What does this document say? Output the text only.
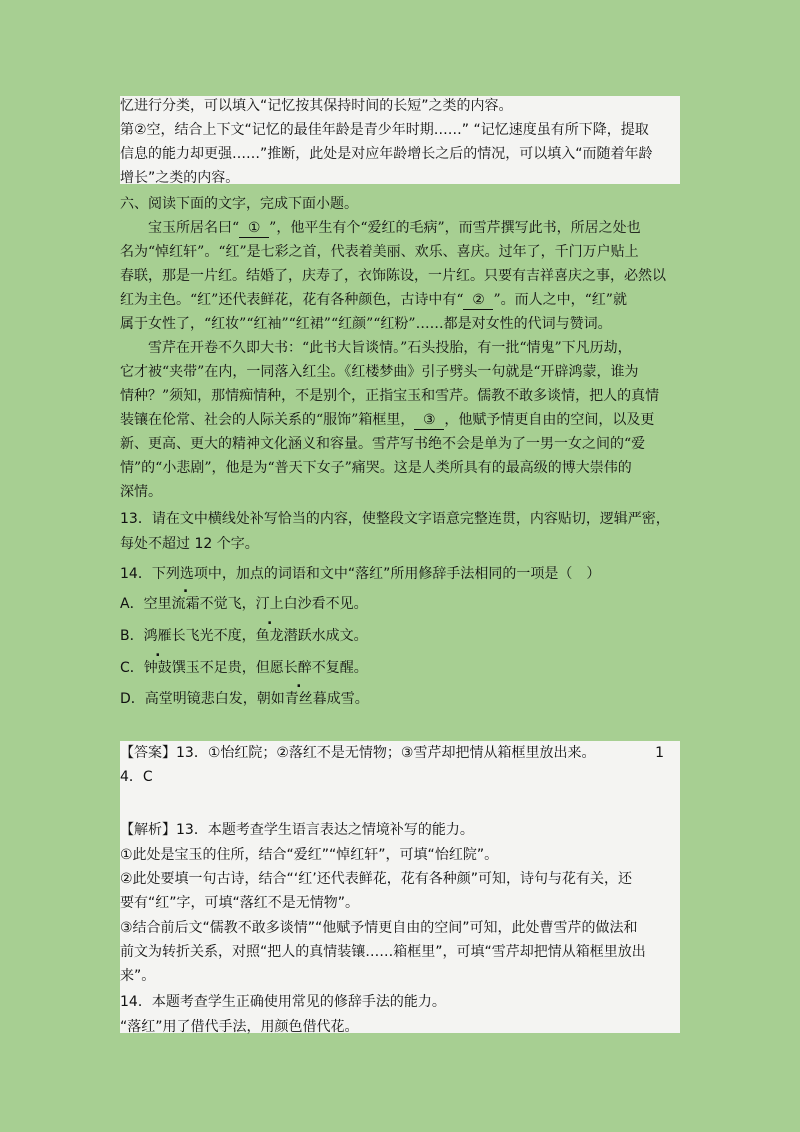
忆进行分类，可以填入“记忆按其保持时间的长短”之类的内容。
第②空，结合上下文“记忆的最佳年龄是青少年时期……” “记忆速度虽有所下降，提取
信息的能力却更强……”推断，此处是对应年龄增长之后的情况，可以填入“而随着年龄
增长”之类的内容。
六、阅读下面的文字，完成下面小题。
宝玉所居名曰“ ① ”，他平生有个“爱红的毛病”，而雪芹撰写此书，所居之处也
名为“悼红轩”。“红”是七彩之首，代表着美丽、欢乐、喜庆。过年了，千门万户贴上
春联，那是一片红。结婚了，庆寿了，衣饰陈设，一片红。只要有吉祥喜庆之事，必然以
红为主色。“红”还代表鲜花，花有各种颜色，古诗中有“ ② ”。而人之中，“红”就
属于女性了，“红妆”“红袖”“红裙”“红颜”“红粉”……都是对女性的代词与赞词。
雪芹在开卷不久即大书：“此书大旨谈情。”石头投胎，有一批“情鬼”下凡历劫，
它才被“夹带”在内，一同落入红尘。《红楼梦曲》引子劈头一句就是“开辟鸿蒙，谁为
情种？”须知，那情痴情种，不是别个，正指宝玉和雪芹。儒教不敢多谈情，把人的真情
装镶在伦常、社会的人际关系的“服饰”箱框里， ③ ，他赋予情更自由的空间，以及更
新、更高、更大的精神文化涵义和容量。雪芹写书绝不会是单为了一男一女之间的“爱
情”的“小悲剧”，他是为“普天下女子”痛哭。这是人类所具有的最高级的博大崇伟的
深情。
13．请在文中横线处补写恰当的内容，使整段文字语意完整连贯，内容贴切，逻辑严密，
每处不超过 12 个字。
14．下列选项中，加点的词语和文中“落红”所用修辞手法相同的一项是（　）
A．空里流霜不觉飞，汀上白沙看不见。
B．鸿雁长飞光不度，鱼龙潜跃水成文。
C．钟鼓馔玉不足贵，但愿长醉不复醒。
D．高堂明镜悲白发，朝如青丝暮成雪。
【答案】13．①怡红院；②落红不是无情物；③雪芹却把情从箱框里放出来。	1
4．C
【解析】13．本题考查学生语言表达之情境补写的能力。
①此处是宝玉的住所，结合“爱红”“悼红轩”，可填“怡红院”。
②此处要填一句古诗，结合“‘红’还代表鲜花，花有各种颜”可知，诗句与花有关，还
要有“红”字，可填“落红不是无情物”。
③结合前后文“儒教不敢多谈情”“他赋予情更自由的空间”可知，此处曹雪芹的做法和
前文为转折关系，对照“把人的真情装镶……箱框里”，可填“雪芹却把情从箱框里放出
来”。
14．本题考查学生正确使用常见的修辞手法的能力。
“落红”用了借代手法，用颜色借代花。
